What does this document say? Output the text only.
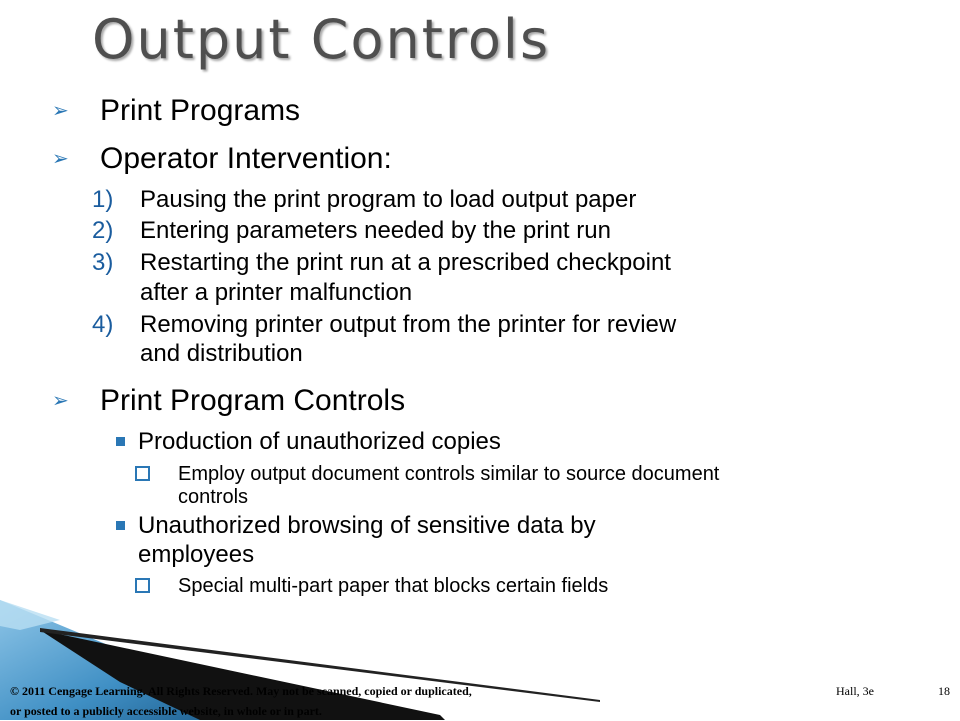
Output Controls
➢ Print Programs
➢ Operator Intervention:
1) Pausing the print program to load output paper
2) Entering parameters needed by the print run
3) Restarting the print run at a prescribed checkpoint
after a printer malfunction
4) Removing printer output from the printer for review
and distribution
➢ Print Program Controls
Production of unauthorized copies
Employ output document controls similar to source document
controls
Unauthorized browsing of sensitive data by
employees
Special multi-part paper that blocks certain fields

© 2011 Cengage Learning. All Rights Reserved. May not be scanned, copied or duplicated,
or posted to a publicly accessible website, in whole or in part.

Hall, 3e	18
